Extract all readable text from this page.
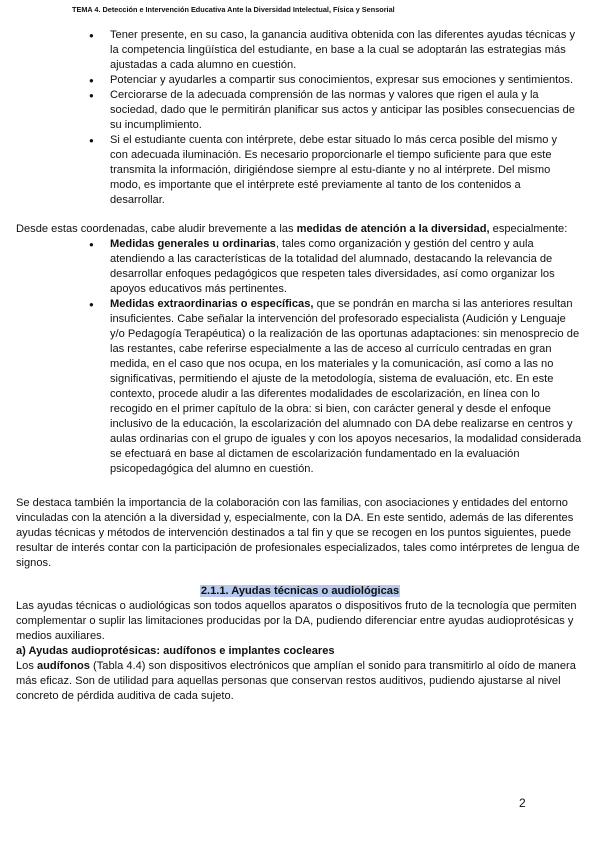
TEMA 4. Detección e Intervención Educativa Ante la Diversidad Intelectual, Física y Sensorial
● Tener presente, en su caso, la ganancia auditiva obtenida con las diferentes ayudas técnicas y la competencia lingüística del estudiante, en base a la cual se adoptarán las estrategias más ajustadas a cada alumno en cuestión.
● Potenciar y ayudarles a compartir sus conocimientos, expresar sus emociones y sentimientos.
● Cerciorarse de la adecuada comprensión de las normas y valores que rigen el aula y la sociedad, dado que le permitirán planificar sus actos y anticipar las posibles consecuencias de su incumplimiento.
● Si el estudiante cuenta con intérprete, debe estar situado lo más cerca posible del mismo y con adecuada iluminación. Es necesario proporcionarle el tiempo suficiente para que este transmita la información, dirigiéndose siempre al estu-diante y no al intérprete. Del mismo modo, es importante que el intérprete esté previamente al tanto de los contenidos a desarrollar.

Desde estas coordenadas, cabe aludir brevemente a las medidas de atención a la diversidad, especialmente:

● Medidas generales u ordinarias, tales como organización y gestión del centro y aula atendiendo a las características de la totalidad del alumnado, destacando la relevancia de desarrollar enfoques pedagógicos que respeten tales diversidades, así como organizar los apoyos educativos más pertinentes.
● Medidas extraordinarias o específicas, que se pondrán en marcha si las anteriores resultan insuficientes. Cabe señalar la intervención del profesorado especialista (Audición y Lenguaje y/o Pedagogía Terapéutica) o la realización de las oportunas adaptaciones: sin menosprecio de las restantes, cabe referirse especialmente a las de acceso al currículo centradas en gran medida, en el caso que nos ocupa, en los materiales y la comunicación, así como a las no significativas, permitiendo el ajuste de la metodología, sistema de evaluación, etc. En este contexto, procede aludir a las diferentes modalidades de escolarización, en línea con lo recogido en el primer capítulo de la obra: si bien, con carácter general y desde el enfoque inclusivo de la educación, la escolarización del alumnado con DA debe realizarse en centros y aulas ordinarias con el grupo de iguales y con los apoyos necesarios, la modalidad considerada se efectuará en base al dictamen de escolarización fundamentado en la evaluación psicopedagógica del alumno en cuestión.

Se destaca también la importancia de la colaboración con las familias, con asociaciones y entidades del entorno vinculadas con la atención a la diversidad y, especialmente, con la DA. En este sentido, además de las diferentes ayudas técnicas y métodos de intervención destinados a tal fin y que se recogen en los puntos siguientes, puede resultar de interés contar con la participación de profesionales especializados, tales como intérpretes de lengua de signos.

2.1.1. Ayudas técnicas o audiológicas

Las ayudas técnicas o audiológicas son todos aquellos aparatos o dispositivos fruto de la tecnología que permiten complementar o suplir las limitaciones producidas por la DA, pudiendo diferenciar entre ayudas audioprotésicas y medios auxiliares.

a) Ayudas audioprotésicas: audífonos e implantes cocleares

Los audífonos (Tabla 4.4) son dispositivos electrónicos que amplían el sonido para transmitirlo al oído de manera más eficaz. Son de utilidad para aquellas personas que conservan restos auditivos, pudiendo ajustarse al nivel concreto de pérdida auditiva de cada sujeto.

2
